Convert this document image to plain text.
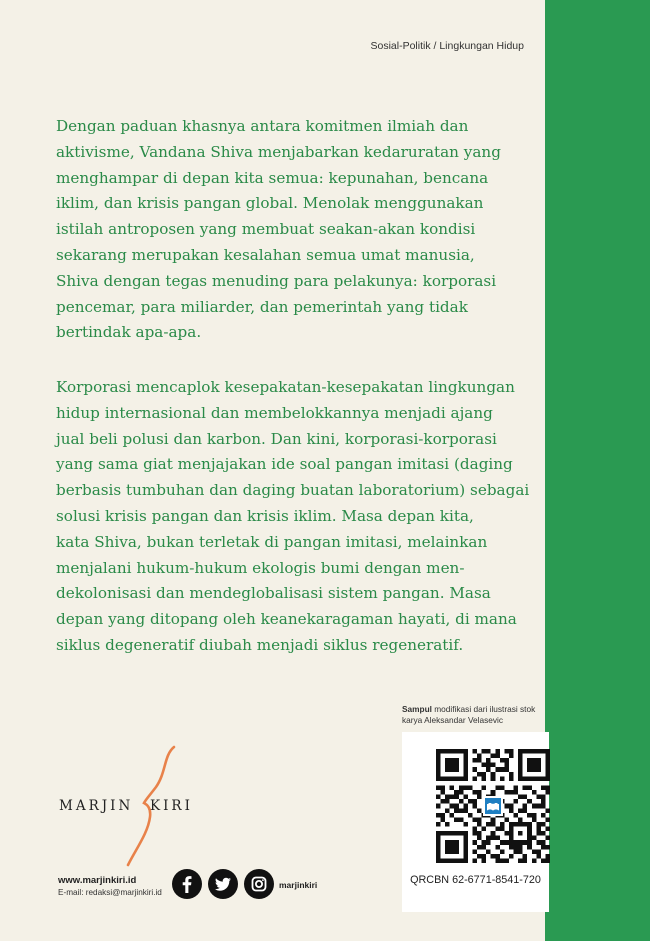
Sosial-Politik / Lingkungan Hidup
Dengan paduan khasnya antara komitmen ilmiah dan
aktivisme, Vandana Shiva menjabarkan kedaruratan yang
menghampar di depan kita semua: kepunahan, bencana
iklim, dan krisis pangan global. Menolak menggunakan
istilah antroposen yang membuat seakan-akan kondisi
sekarang merupakan kesalahan semua umat manusia,
Shiva dengan tegas menuding para pelakunya: korporasi
pencemar, para miliarder, dan pemerintah yang tidak
bertindak apa-apa.
Korporasi mencaplok kesepakatan-kesepakatan lingkungan
hidup internasional dan membelokkannya menjadi ajang
jual beli polusi dan karbon. Dan kini, korporasi-korporasi
yang sama giat menjajakan ide soal pangan imitasi (daging
berbasis tumbuhan dan daging buatan laboratorium) sebagai
solusi krisis pangan dan krisis iklim. Masa depan kita,
kata Shiva, bukan terletak di pangan imitasi, melainkan
menjalani hukum-hukum ekologis bumi dengan men-
dekolonisasi dan mendeglobalisasi sistem pangan. Masa
depan yang ditopang oleh keanekaragaman hayati, di mana
siklus degeneratif diubah menjadi siklus regeneratif.
Sampul modifikasi dari ilustrasi stok
karya Aleksandar Velasevic
QRCBN 62-6771-8541-720
MARJIN KIRI
www.marjinkiri.id
E-mail: redaksi@marjinkiri.id
marjinkiri
